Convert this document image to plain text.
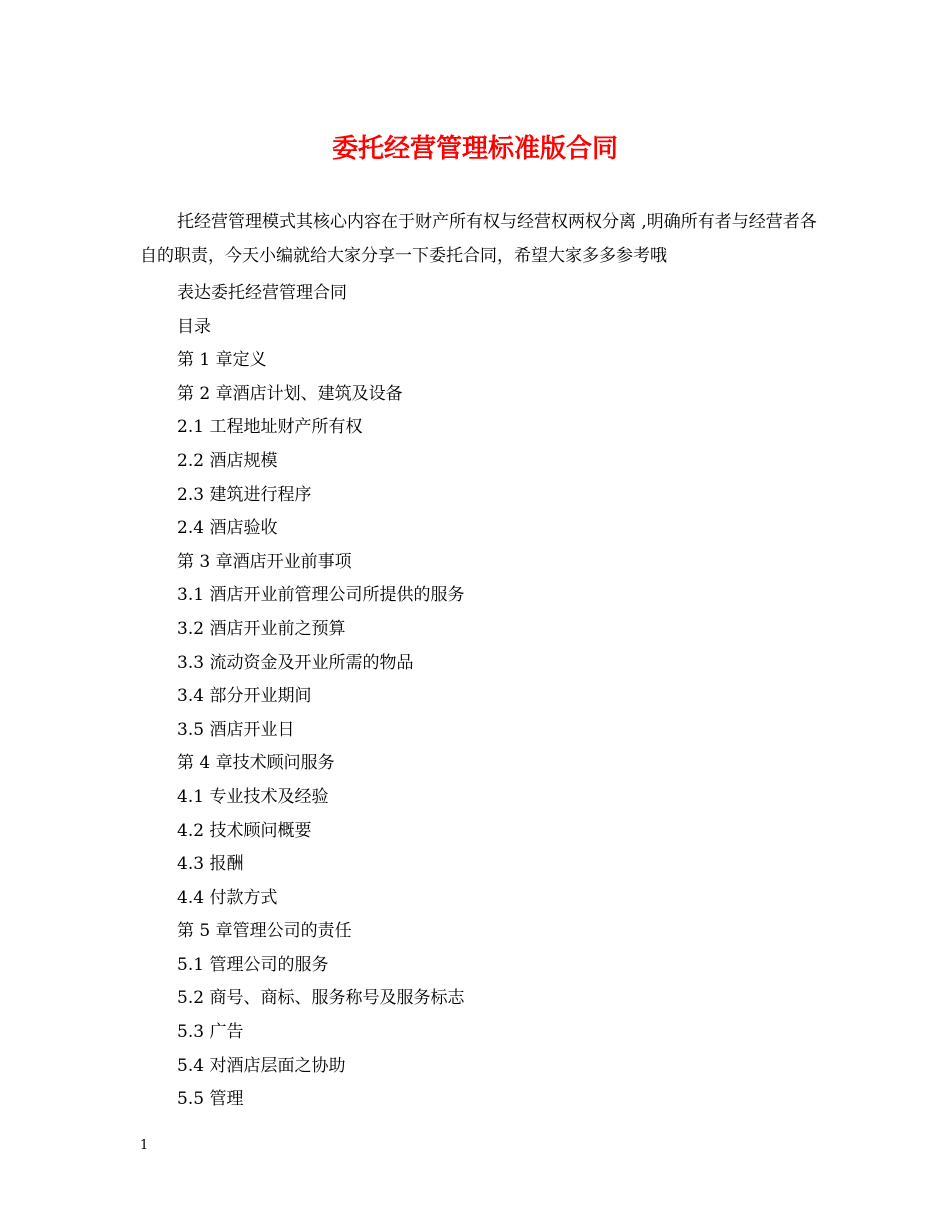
委托经营管理标准版合同
托经营管理模式其核心内容在于财产所有权与经营权两权分离 ,明确所有者与经营者各自的职责，今天小编就给大家分享一下委托合同，希望大家多多参考哦
表达委托经营管理合同
目录
第 1 章定义
第 2 章酒店计划、建筑及设备
2.1 工程地址财产所有权
2.2 酒店规模
2.3 建筑进行程序
2.4 酒店验收
第 3 章酒店开业前事项
3.1 酒店开业前管理公司所提供的服务
3.2 酒店开业前之预算
3.3 流动资金及开业所需的物品
3.4 部分开业期间
3.5 酒店开业日
第 4 章技术顾问服务
4.1 专业技术及经验
4.2 技术顾问概要
4.3 报酬
4.4 付款方式
第 5 章管理公司的责任
5.1 管理公司的服务
5.2 商号、商标、服务称号及服务标志
5.3 广告
5.4 对酒店层面之协助
5.5 管理
1
